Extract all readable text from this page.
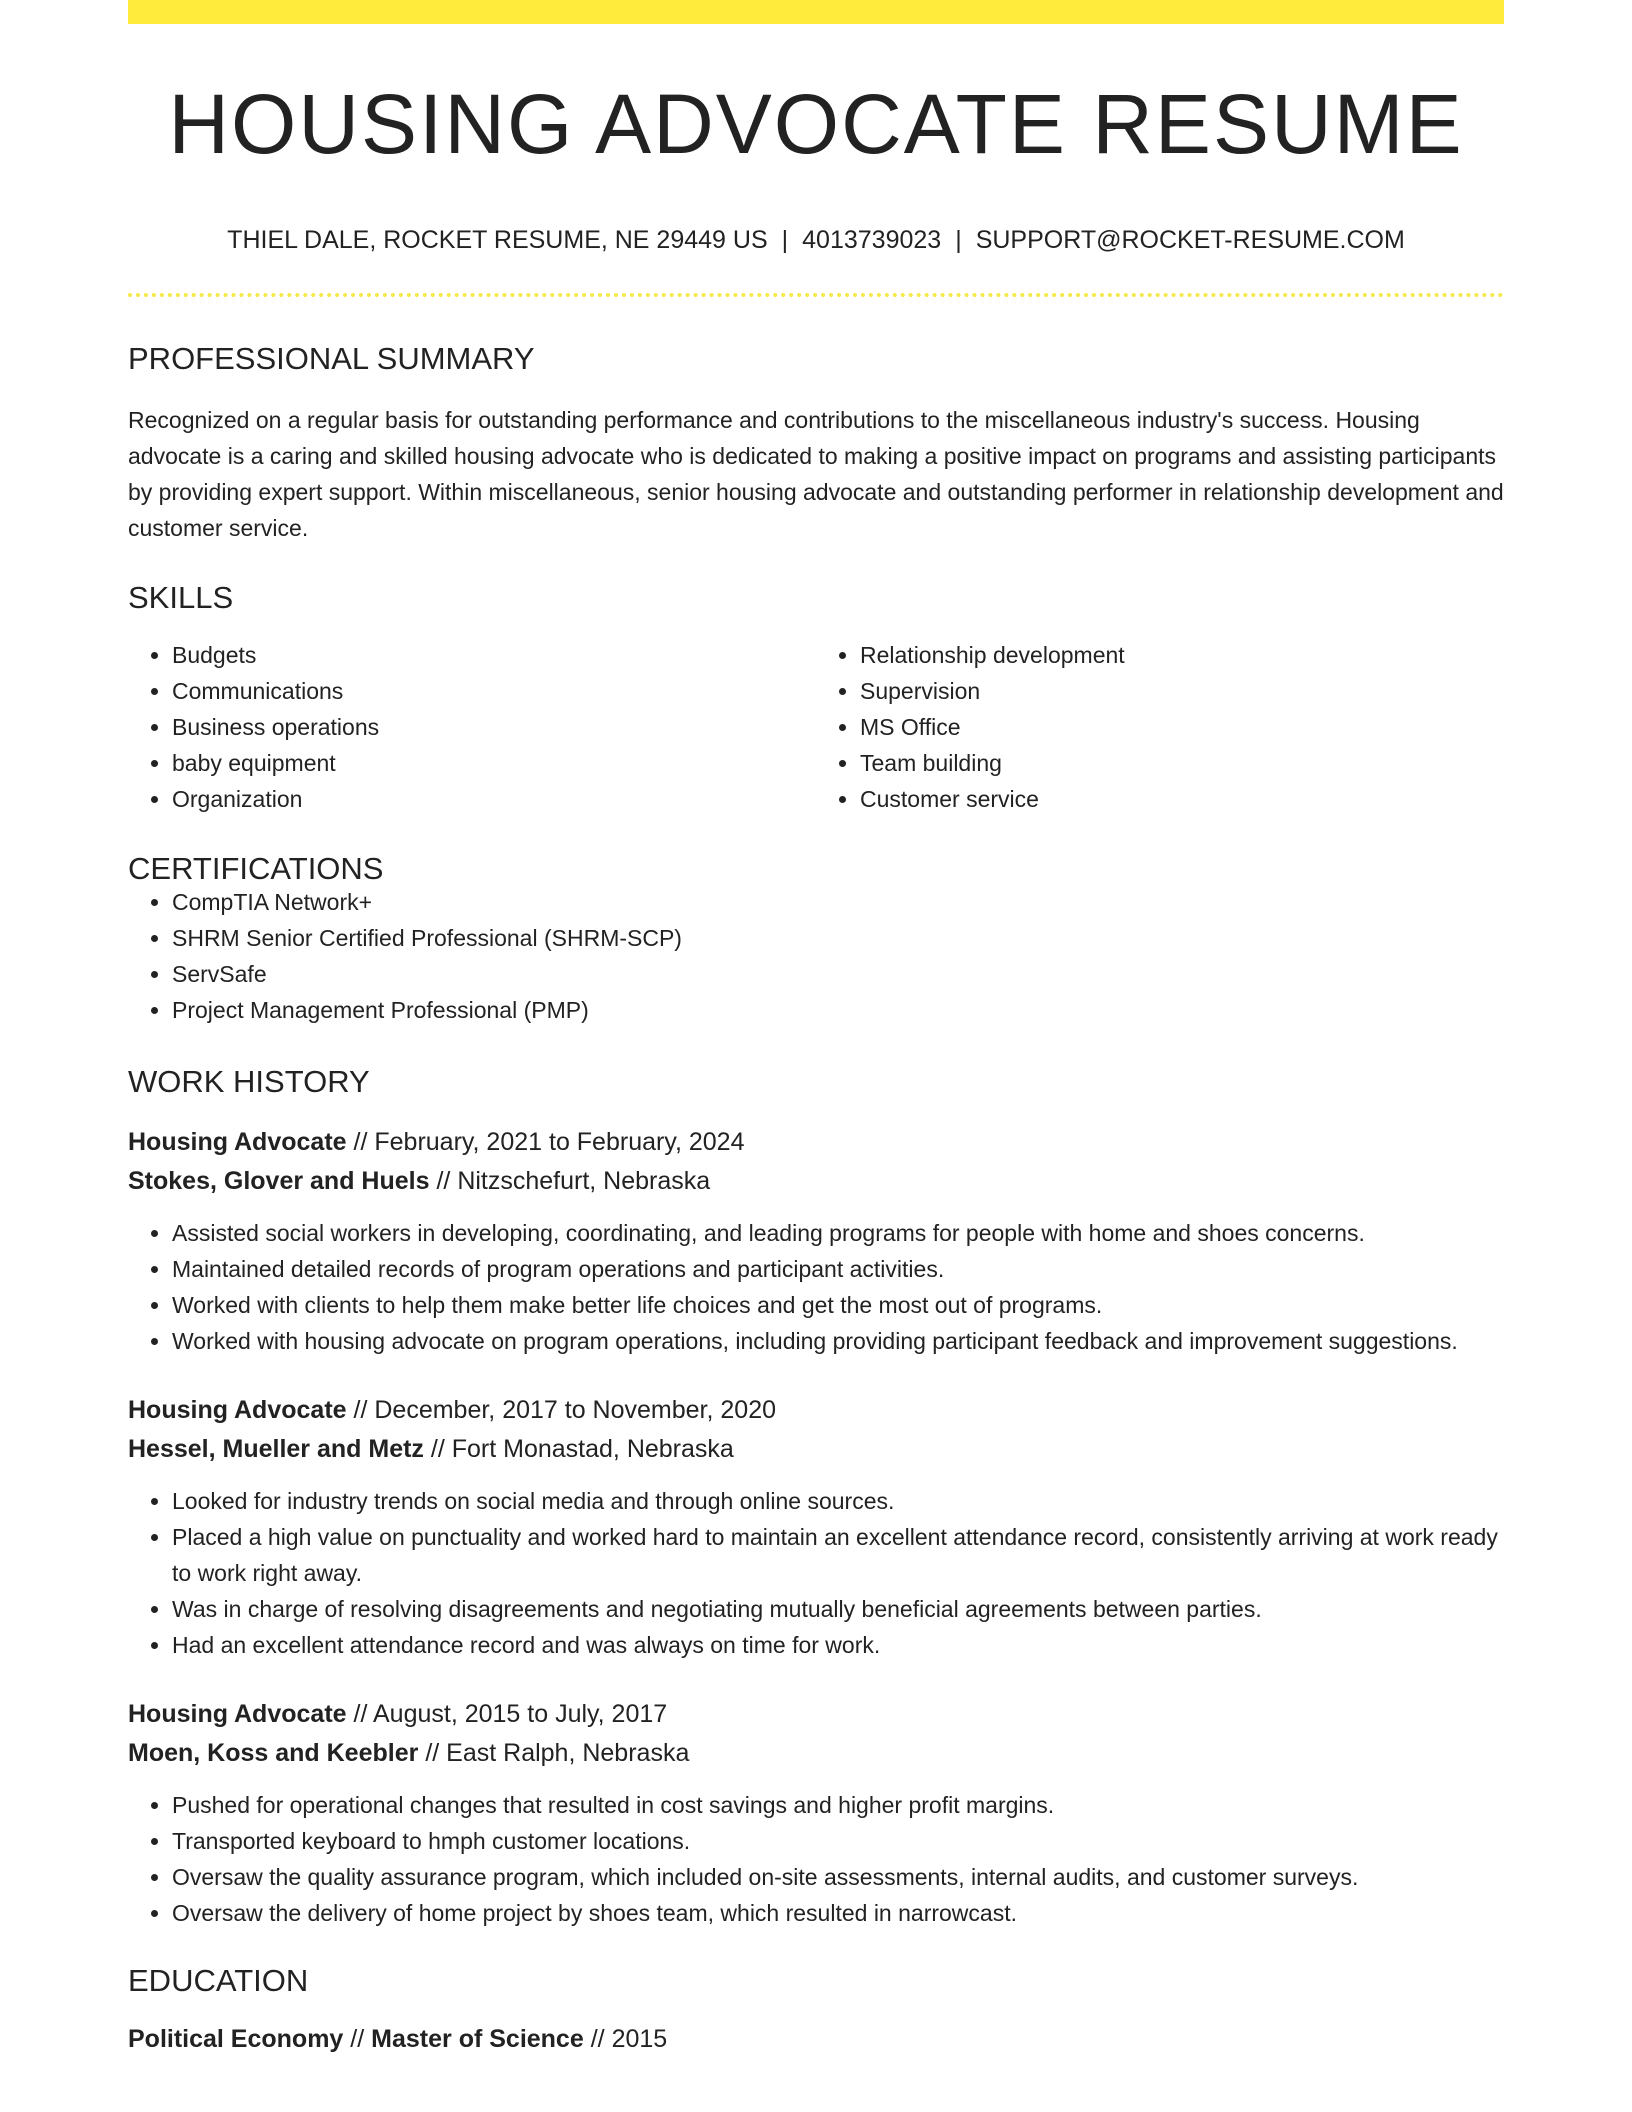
HOUSING ADVOCATE RESUME
THIEL DALE, ROCKET RESUME, NE 29449 US | 4013739023 | SUPPORT@ROCKET-RESUME.COM
PROFESSIONAL SUMMARY

Recognized on a regular basis for outstanding performance and contributions to the miscellaneous industry's success. Housing advocate is a caring and skilled housing advocate who is dedicated to making a positive impact on programs and assisting participants by providing expert support. Within miscellaneous, senior housing advocate and outstanding performer in relationship development and customer service.

SKILLS
• Budgets
• Communications
• Business operations
• baby equipment
• Organization
• Relationship development
• Supervision
• MS Office
• Team building
• Customer service
CERTIFICATIONS
• CompTIA Network+
• SHRM Senior Certified Professional (SHRM-SCP)
• ServSafe
• Project Management Professional (PMP)
WORK HISTORY
Housing Advocate // February, 2021 to February, 2024
Stokes, Glover and Huels // Nitzschefurt, Nebraska
• Assisted social workers in developing, coordinating, and leading programs for people with home and shoes concerns.
• Maintained detailed records of program operations and participant activities.
• Worked with clients to help them make better life choices and get the most out of programs.
• Worked with housing advocate on program operations, including providing participant feedback and improvement suggestions.
Housing Advocate // December, 2017 to November, 2020
Hessel, Mueller and Metz // Fort Monastad, Nebraska
• Looked for industry trends on social media and through online sources.
• Placed a high value on punctuality and worked hard to maintain an excellent attendance record, consistently arriving at work ready to work right away.
• Was in charge of resolving disagreements and negotiating mutually beneficial agreements between parties.
• Had an excellent attendance record and was always on time for work.
Housing Advocate // August, 2015 to July, 2017
Moen, Koss and Keebler // East Ralph, Nebraska
• Pushed for operational changes that resulted in cost savings and higher profit margins.
• Transported keyboard to hmph customer locations.
• Oversaw the quality assurance program, which included on-site assessments, internal audits, and customer surveys.
• Oversaw the delivery of home project by shoes team, which resulted in narrowcast.
EDUCATION
Political Economy // Master of Science // 2015
